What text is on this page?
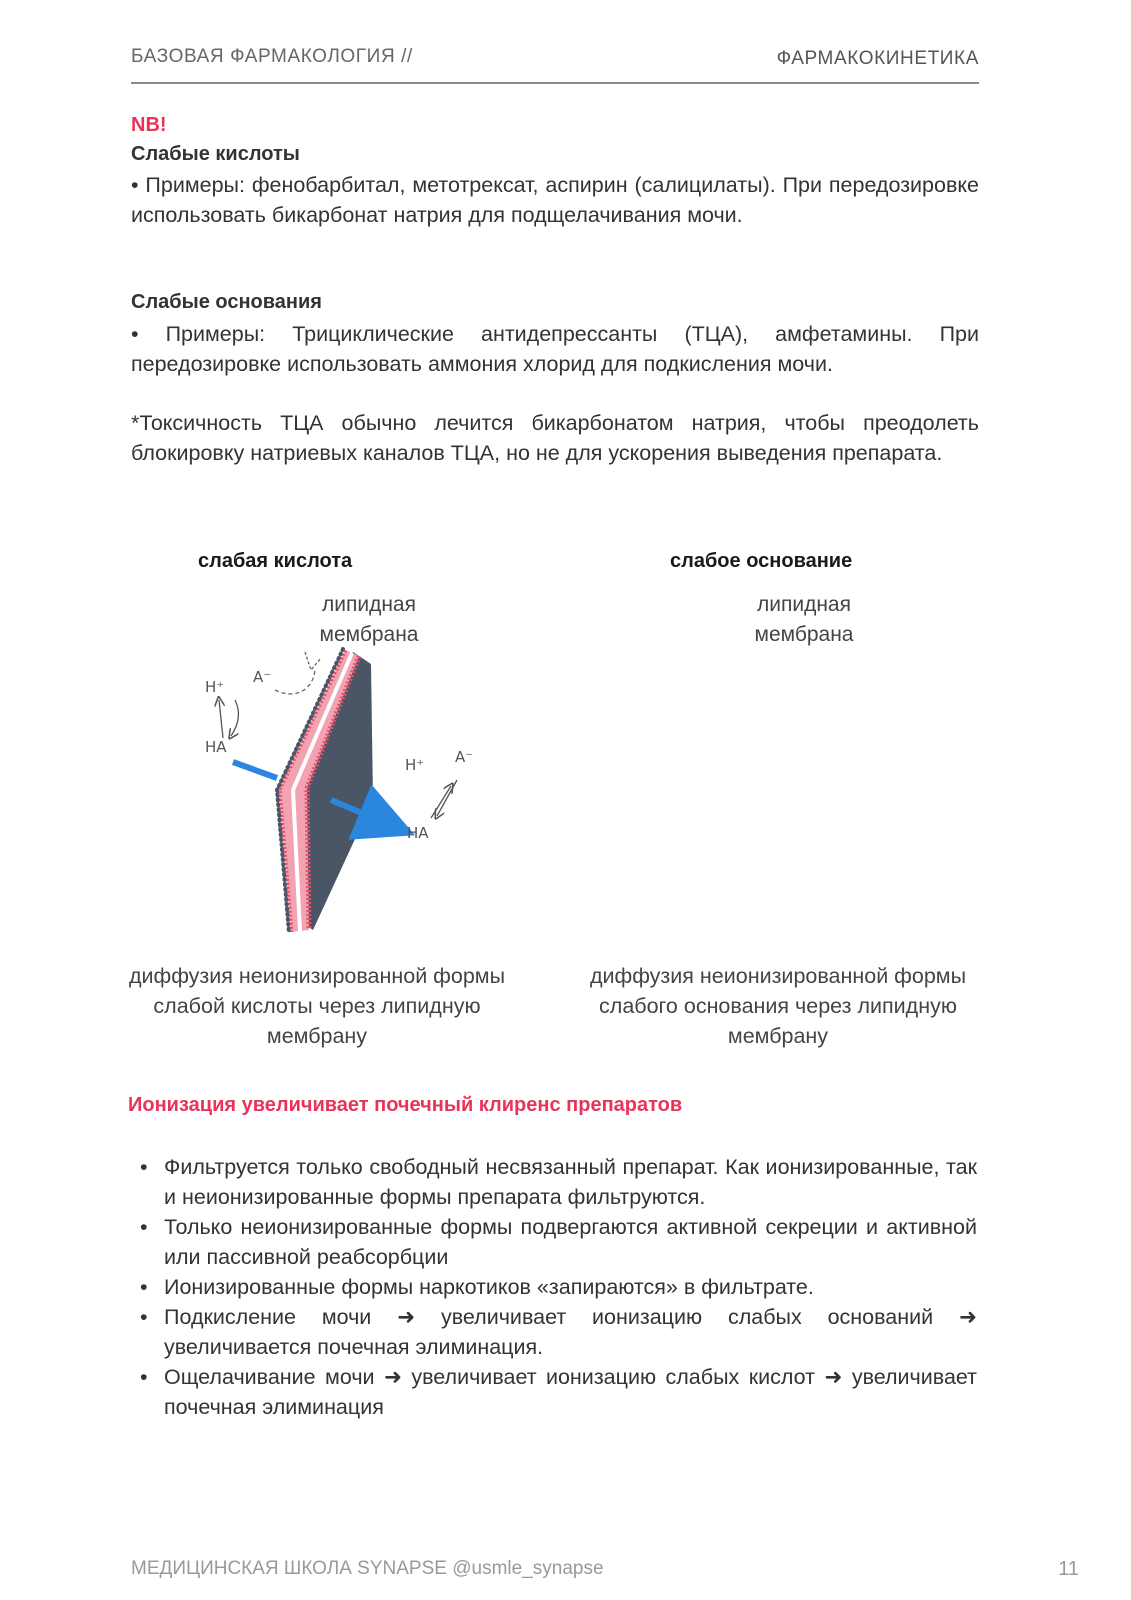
БАЗОВАЯ ФАРМАКОЛОГИЯ //	ФАРМАКОКИНЕТИКА
NB!
Слабые кислоты
• Примеры: фенобарбитал, метотрексат, аспирин (салицилаты). При передозировке использовать бикарбонат натрия для подщелачивания мочи.
Слабые основания
• Примеры: Трициклические антидепрессанты (ТЦА), амфетамины. При передозировке использовать аммония хлорид для подкисления мочи.
*Токсичность ТЦА обычно лечится бикарбонатом натрия, чтобы преодолеть блокировку натриевых каналов ТЦА, но не для ускорения выведения препарата.
слабая кислота
липидная
мембрана
H⁺
A⁻
HA
H⁺ A⁻
HA
диффузия неионизированной формы слабой кислоты через липидную мембрану
слабое основание
липидная
мембрана
диффузия неионизированной формы слабого основания через липидную мембрану
Ионизация увеличивает почечный клиренс препаратов
• Фильтруется только свободный несвязанный препарат. Как ионизированные, так и неионизированные формы препарата фильтруются.
• Только неионизированные формы подвергаются активной секреции и активной или пассивной реабсорбции
• Ионизированные формы наркотиков «запираются» в фильтрате.
• Подкисление мочи ➜ увеличивает ионизацию слабых оснований ➜ увеличивается почечная элиминация.
• Ощелачивание мочи ➜ увеличивает ионизацию слабых кислот ➜ увеличивает почечная элиминация
МЕДИЦИНСКАЯ ШКОЛА SYNAPSE @usmle_synapse	11
